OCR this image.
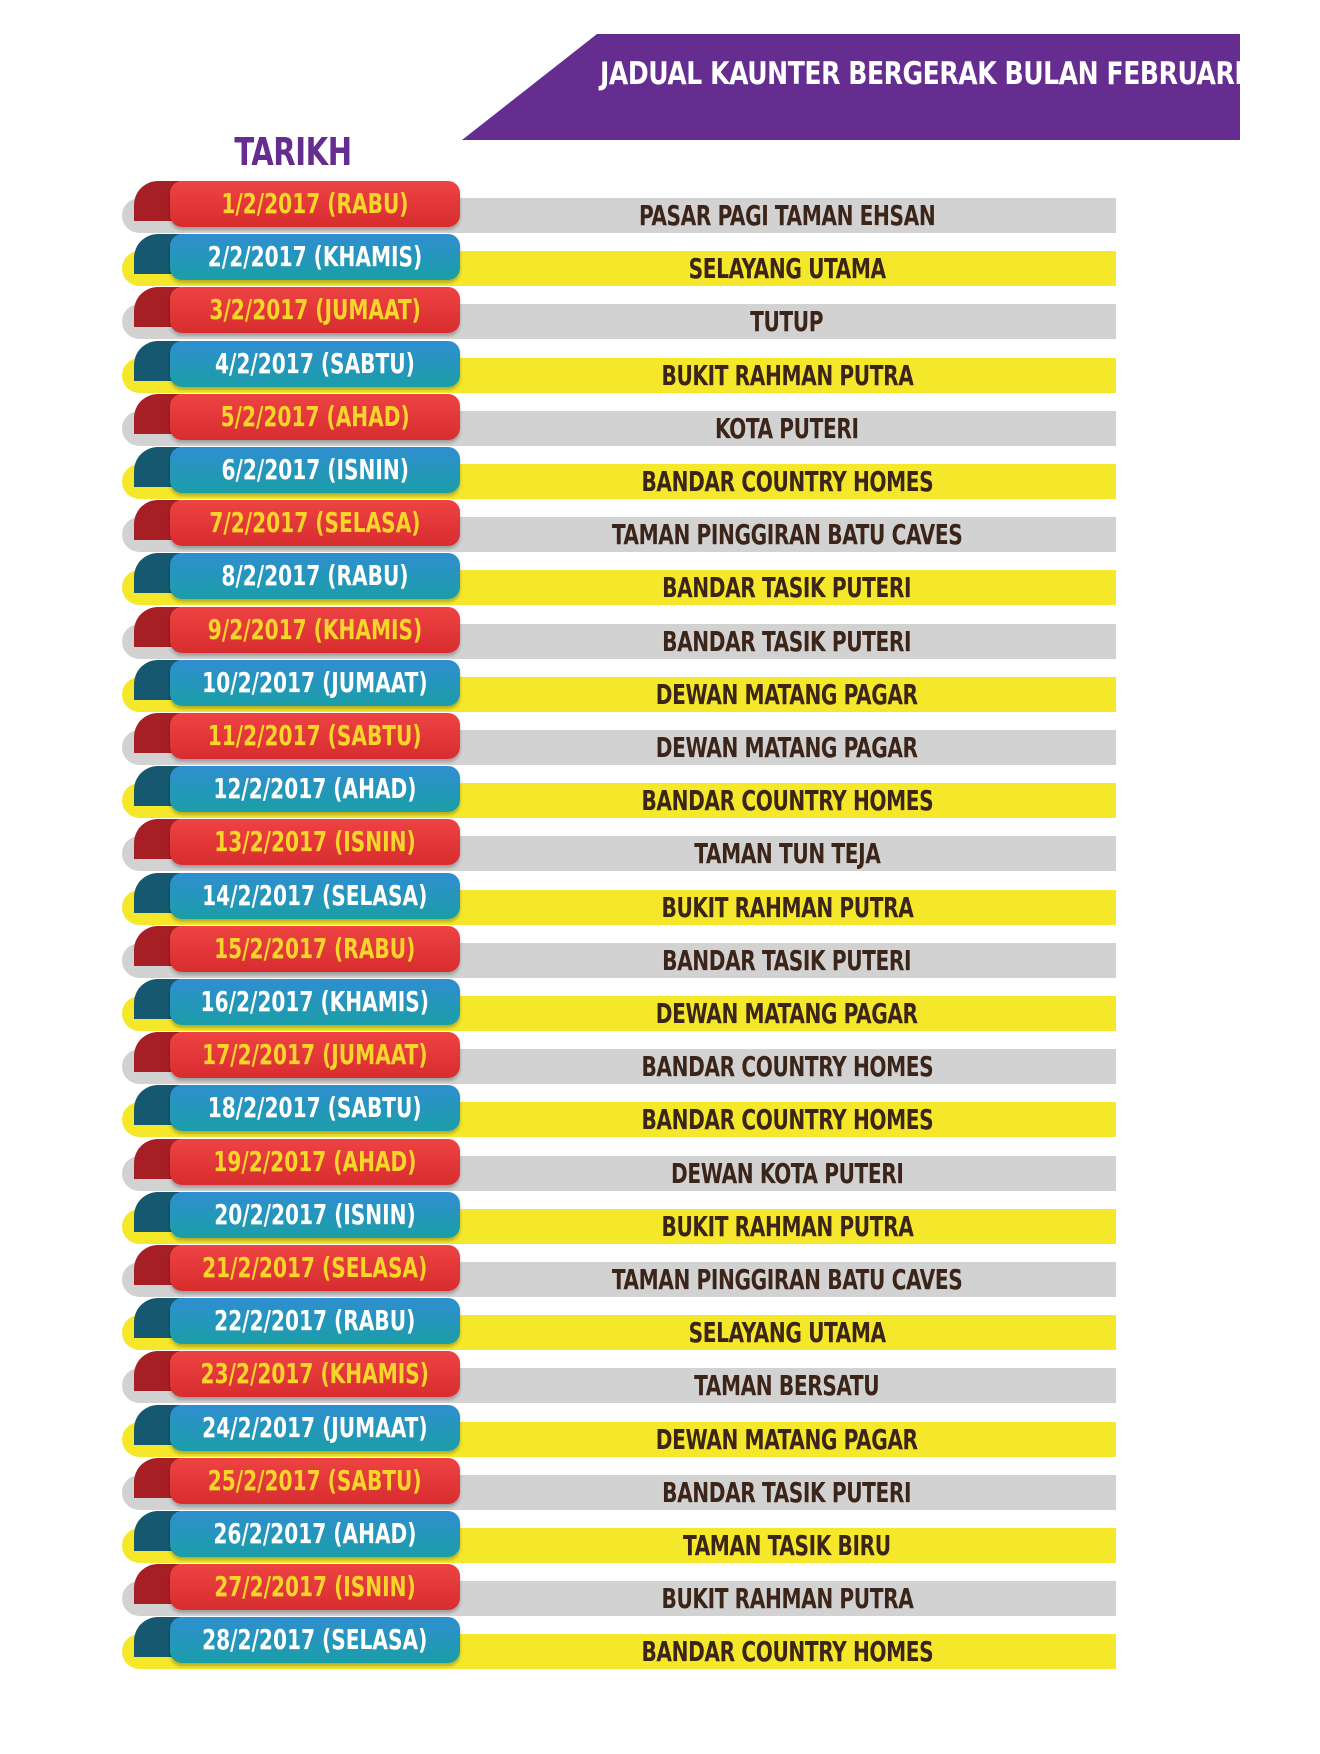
JADUAL KAUNTER BERGERAK BULAN FEBRUARI 2017
TARIKH
1/2/2017 (RABU)	PASAR PAGI TAMAN EHSAN
2/2/2017 (KHAMIS)	SELAYANG UTAMA
3/2/2017 (JUMAAT)	TUTUP
4/2/2017 (SABTU)	BUKIT RAHMAN PUTRA
5/2/2017 (AHAD)	KOTA PUTERI
6/2/2017 (ISNIN)	BANDAR COUNTRY HOMES
7/2/2017 (SELASA)	TAMAN PINGGIRAN BATU CAVES
8/2/2017 (RABU)	BANDAR TASIK PUTERI
9/2/2017 (KHAMIS)	BANDAR TASIK PUTERI
10/2/2017 (JUMAAT)	DEWAN MATANG PAGAR
11/2/2017 (SABTU)	DEWAN MATANG PAGAR
12/2/2017 (AHAD)	BANDAR COUNTRY HOMES
13/2/2017 (ISNIN)	TAMAN TUN TEJA
14/2/2017 (SELASA)	BUKIT RAHMAN PUTRA
15/2/2017 (RABU)	BANDAR TASIK PUTERI
16/2/2017 (KHAMIS)	DEWAN MATANG PAGAR
17/2/2017 (JUMAAT)	BANDAR COUNTRY HOMES
18/2/2017 (SABTU)	BANDAR COUNTRY HOMES
19/2/2017 (AHAD)	DEWAN KOTA PUTERI
20/2/2017 (ISNIN)	BUKIT RAHMAN PUTRA
21/2/2017 (SELASA)	TAMAN PINGGIRAN BATU CAVES
22/2/2017 (RABU)	SELAYANG UTAMA
23/2/2017 (KHAMIS)	TAMAN BERSATU
24/2/2017 (JUMAAT)	DEWAN MATANG PAGAR
25/2/2017 (SABTU)	BANDAR TASIK PUTERI
26/2/2017 (AHAD)	TAMAN TASIK BIRU
27/2/2017 (ISNIN)	BUKIT RAHMAN PUTRA
28/2/2017 (SELASA)	BANDAR COUNTRY HOMES
